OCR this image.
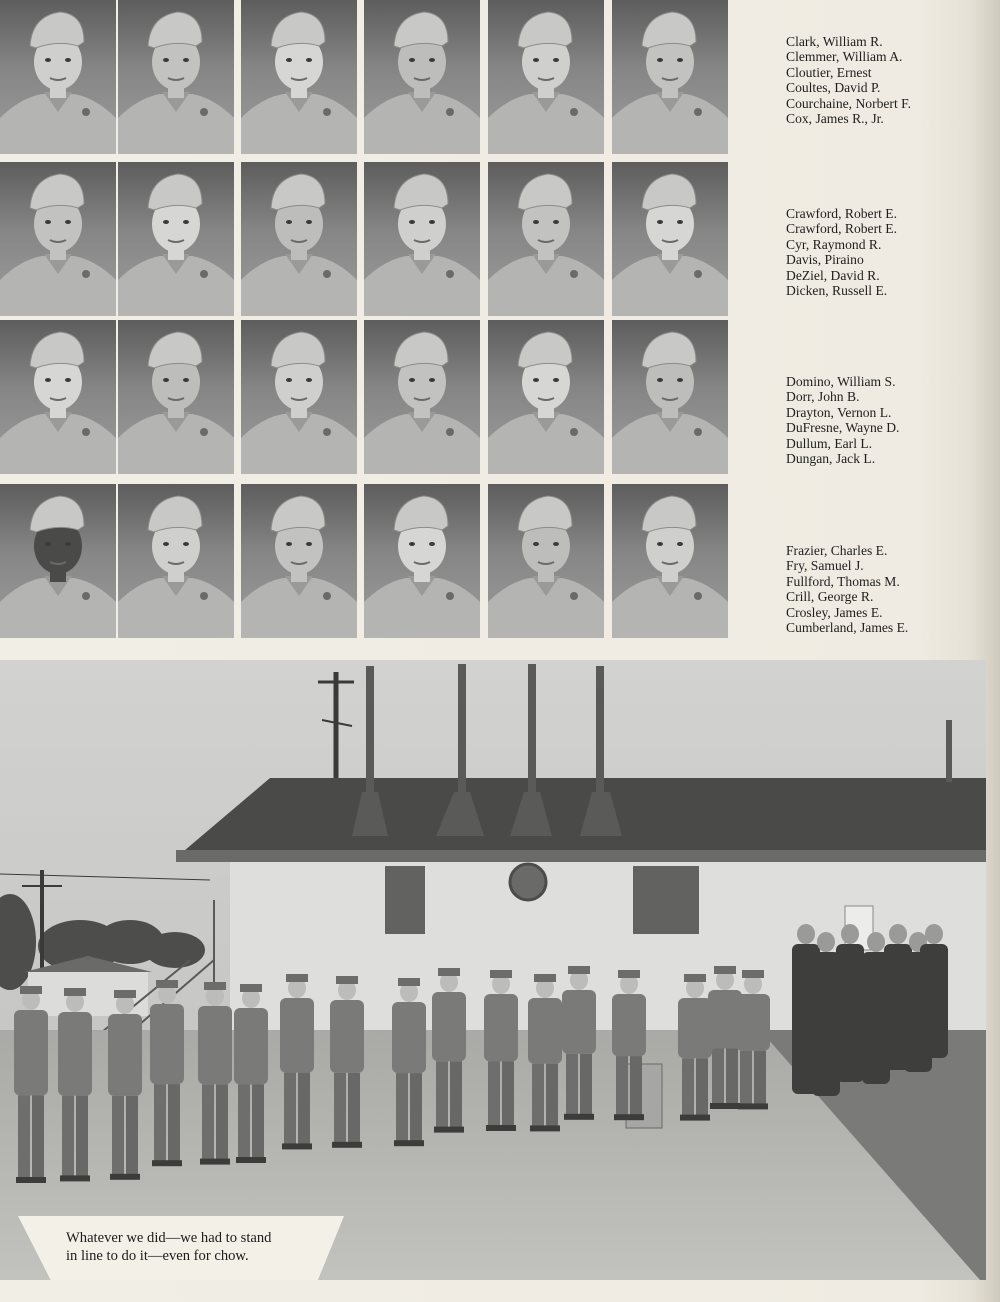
Clark, William R.
Clemmer, William A.
Cloutier, Ernest
Coultes, David P.
Courchaine, Norbert F.
Cox, James R., Jr.
Crawford, Robert E.
Crawford, Robert E.
Cyr, Raymond R.
Davis, Piraino
DeZiel, David R.
Dicken, Russell E.
Domino, William S.
Dorr, John B.
Drayton, Vernon L.
DuFresne, Wayne D.
Dullum, Earl L.
Dungan, Jack L.
Frazier, Charles E.
Fry, Samuel J.
Fullford, Thomas M.
Crill, George R.
Crosley, James E.
Cumberland, James E.

Whatever we did—we had to stand
in line to do it—even for chow.
